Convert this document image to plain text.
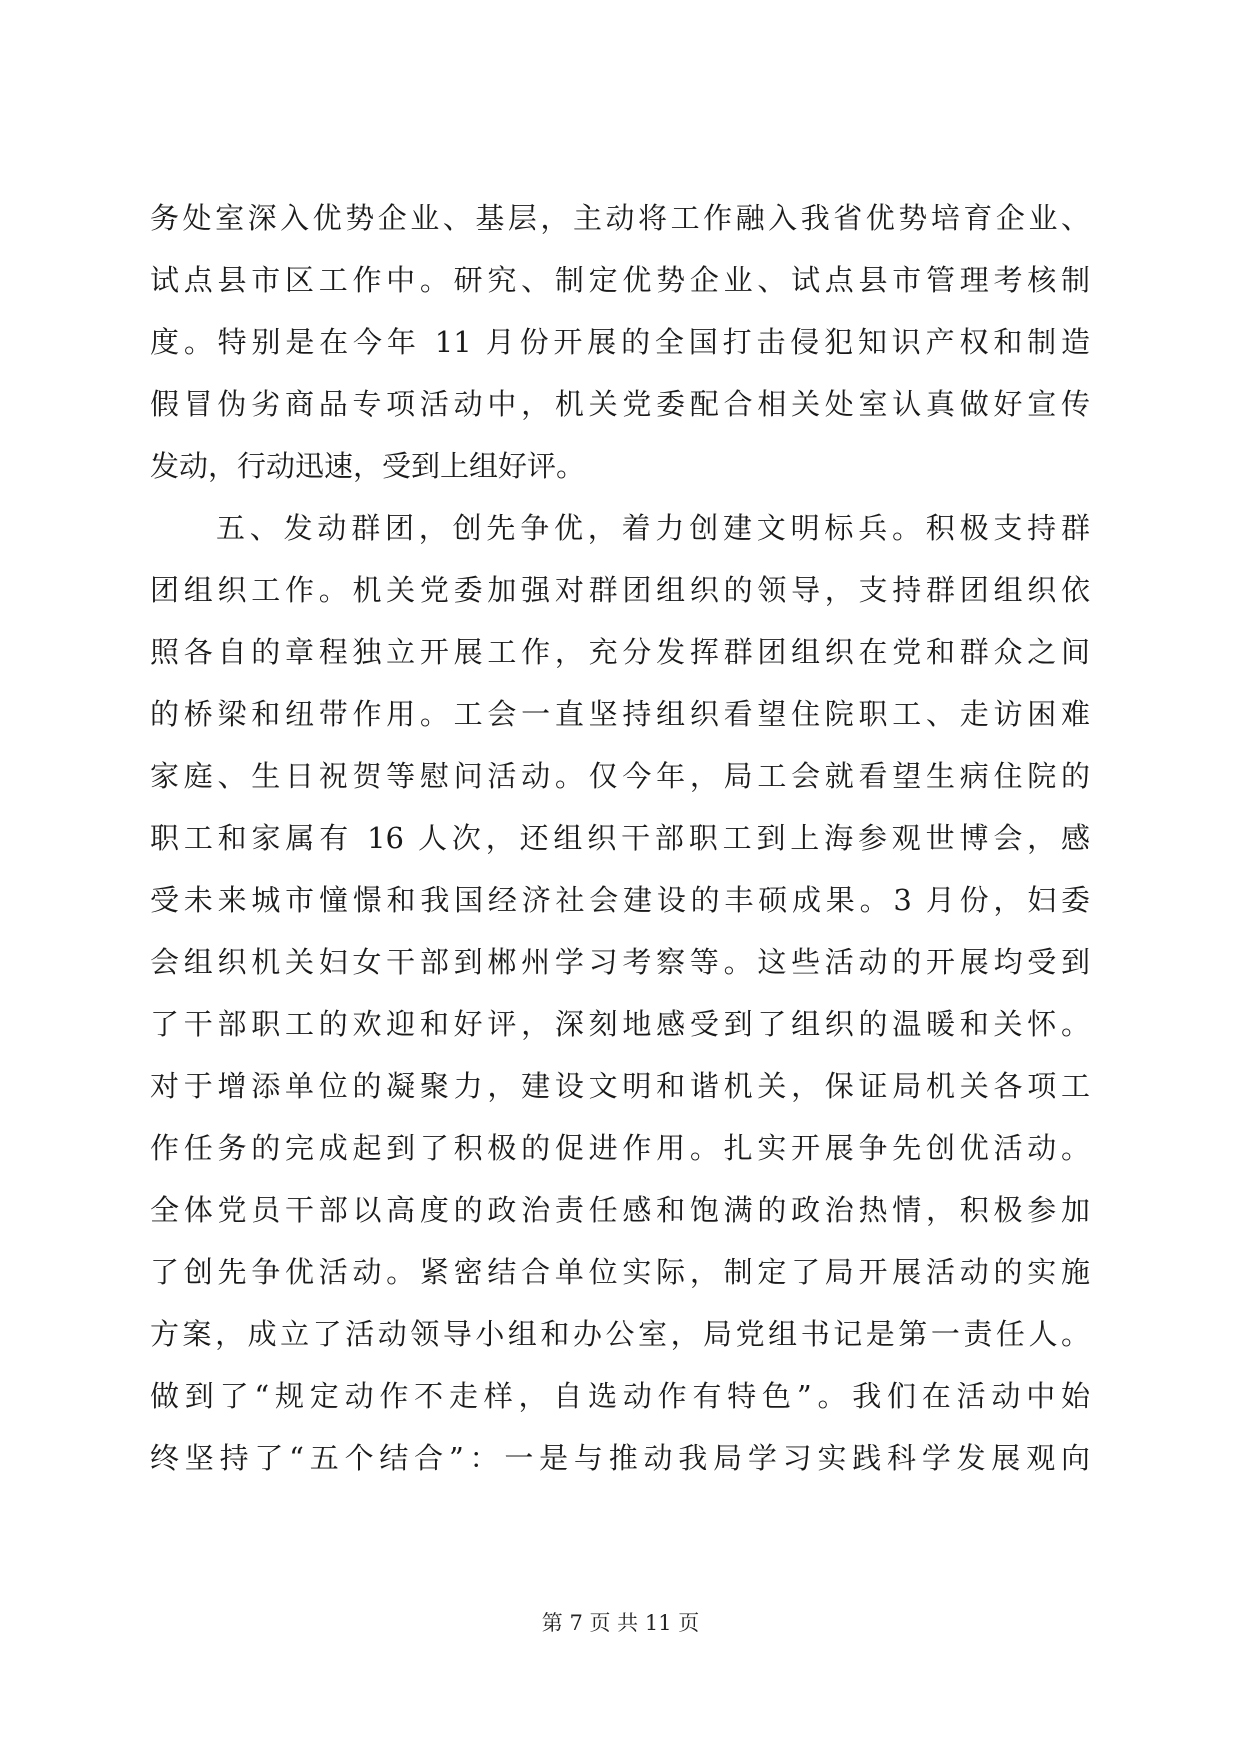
务处室深入优势企业、基层，主动将工作融入我省优势培育企业、
试点县市区工作中。研究、制定优势企业、试点县市管理考核制
度。特别是在今年 11 月份开展的全国打击侵犯知识产权和制造
假冒伪劣商品专项活动中，机关党委配合相关处室认真做好宣传
发动，行动迅速，受到上组好评。
五、发动群团，创先争优，着力创建文明标兵。积极支持群
团组织工作。机关党委加强对群团组织的领导，支持群团组织依
照各自的章程独立开展工作，充分发挥群团组织在党和群众之间
的桥梁和纽带作用。工会一直坚持组织看望住院职工、走访困难
家庭、生日祝贺等慰问活动。仅今年，局工会就看望生病住院的
职工和家属有 16 人次，还组织干部职工到上海参观世博会，感
受未来城市憧憬和我国经济社会建设的丰硕成果。3 月份，妇委
会组织机关妇女干部到郴州学习考察等。这些活动的开展均受到
了干部职工的欢迎和好评，深刻地感受到了组织的温暖和关怀。
对于增添单位的凝聚力，建设文明和谐机关，保证局机关各项工
作任务的完成起到了积极的促进作用。扎实开展争先创优活动。
全体党员干部以高度的政治责任感和饱满的政治热情，积极参加
了创先争优活动。紧密结合单位实际，制定了局开展活动的实施
方案，成立了活动领导小组和办公室，局党组书记是第一责任人。
做到了“规定动作不走样，自选动作有特色”。我们在活动中始
终坚持了“五个结合”：一是与推动我局学习实践科学发展观向
第 7 页 共 11 页
